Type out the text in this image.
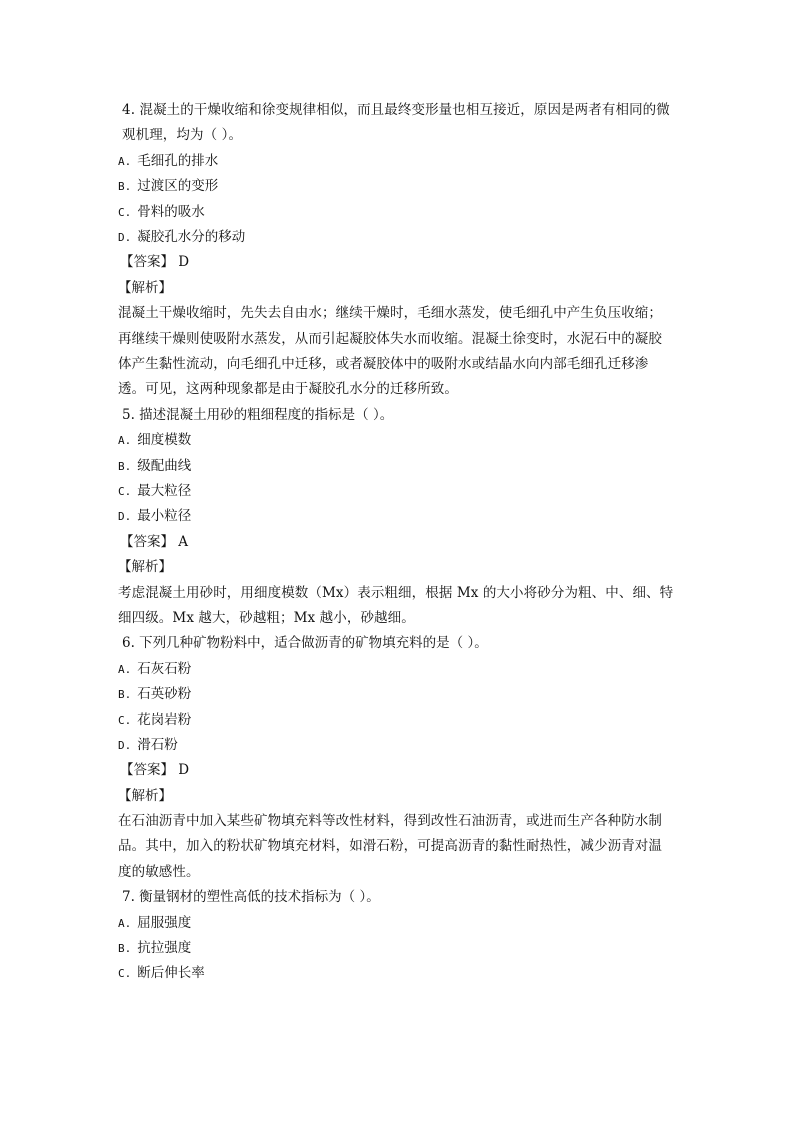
4. 混凝土的干燥收缩和徐变规律相似，而且最终变形量也相互接近，原因是两者有相同的微观机理，均为（ ）。
A. 毛细孔的排水
B. 过渡区的变形
C. 骨料的吸水
D. 凝胶孔水分的移动
【答案】 D
【解析】
混凝土干燥收缩时，先失去自由水；继续干燥时，毛细水蒸发，使毛细孔中产生负压收缩；再继续干燥则使吸附水蒸发，从而引起凝胶体失水而收缩。混凝土徐变时，水泥石中的凝胶体产生黏性流动，向毛细孔中迁移，或者凝胶体中的吸附水或结晶水向内部毛细孔迁移渗透。可见，这两种现象都是由于凝胶孔水分的迁移所致。
5. 描述混凝土用砂的粗细程度的指标是（ ）。
A. 细度模数
B. 级配曲线
C. 最大粒径
D. 最小粒径
【答案】 A
【解析】
考虑混凝土用砂时，用细度模数（Mx）表示粗细，根据 Mx 的大小将砂分为粗、中、细、特细四级。Mx 越大，砂越粗；Mx 越小，砂越细。
6. 下列几种矿物粉料中，适合做沥青的矿物填充料的是（ ）。
A. 石灰石粉
B. 石英砂粉
C. 花岗岩粉
D. 滑石粉
【答案】 D
【解析】
在石油沥青中加入某些矿物填充料等改性材料，得到改性石油沥青，或进而生产各种防水制品。其中，加入的粉状矿物填充材料，如滑石粉，可提高沥青的黏性耐热性，减少沥青对温度的敏感性。
7. 衡量钢材的塑性高低的技术指标为（ ）。
A. 屈服强度
B. 抗拉强度
C. 断后伸长率
